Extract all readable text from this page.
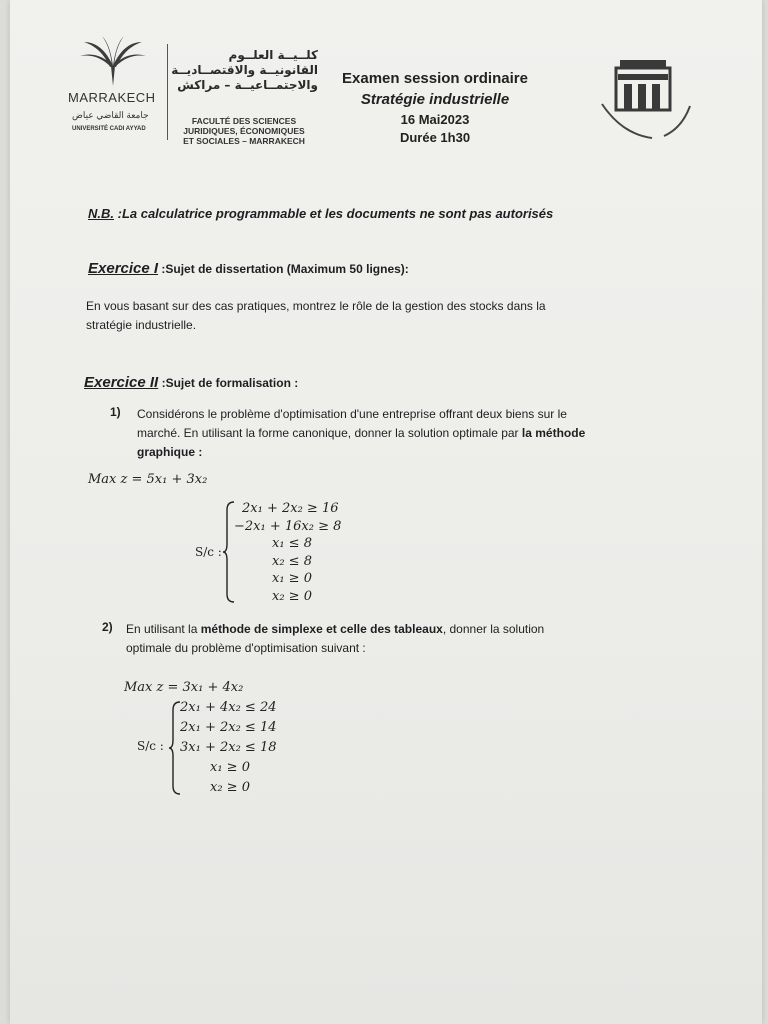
MARRAKECH
جامعة القاضي عياض
UNIVERSITÉ CADI AYYAD
كلــيــة العلــوم
القانونيــة والاقتصــاديــة
والاجتمــاعيــة – مراكش
FACULTÉ DES SCIENCES
JURIDIQUES, ÉCONOMIQUES
ET SOCIALES – MARRAKECH
Examen session ordinaire
Stratégie industrielle
16 Mai2023
Durée 1h30
N.B. :La calculatrice programmable et les documents ne sont pas autorisés
Exercice I :Sujet de dissertation (Maximum 50 lignes):
En vous basant sur des cas pratiques, montrez le rôle de la gestion des stocks dans la
stratégie industrielle.
Exercice II :Sujet de formalisation :
1) Considérons le problème d'optimisation d'une entreprise offrant deux biens sur le
marché. En utilisant la forme canonique, donner la solution optimale par la méthode
graphique :
Max z = 5x₁ + 3x₂
S/c :
2x₁ + 2x₂ ≥ 16
−2x₁ + 16x₂ ≥ 8
x₁ ≤ 8
x₂ ≤ 8
x₁ ≥ 0
x₂ ≥ 0
2) En utilisant la méthode de simplexe et celle des tableaux, donner la solution
optimale du problème d'optimisation suivant :
Max z = 3x₁ + 4x₂
S/c :
2x₁ + 4x₂ ≤ 24
2x₁ + 2x₂ ≤ 14
3x₁ + 2x₂ ≤ 18
x₁ ≥ 0
x₂ ≥ 0
